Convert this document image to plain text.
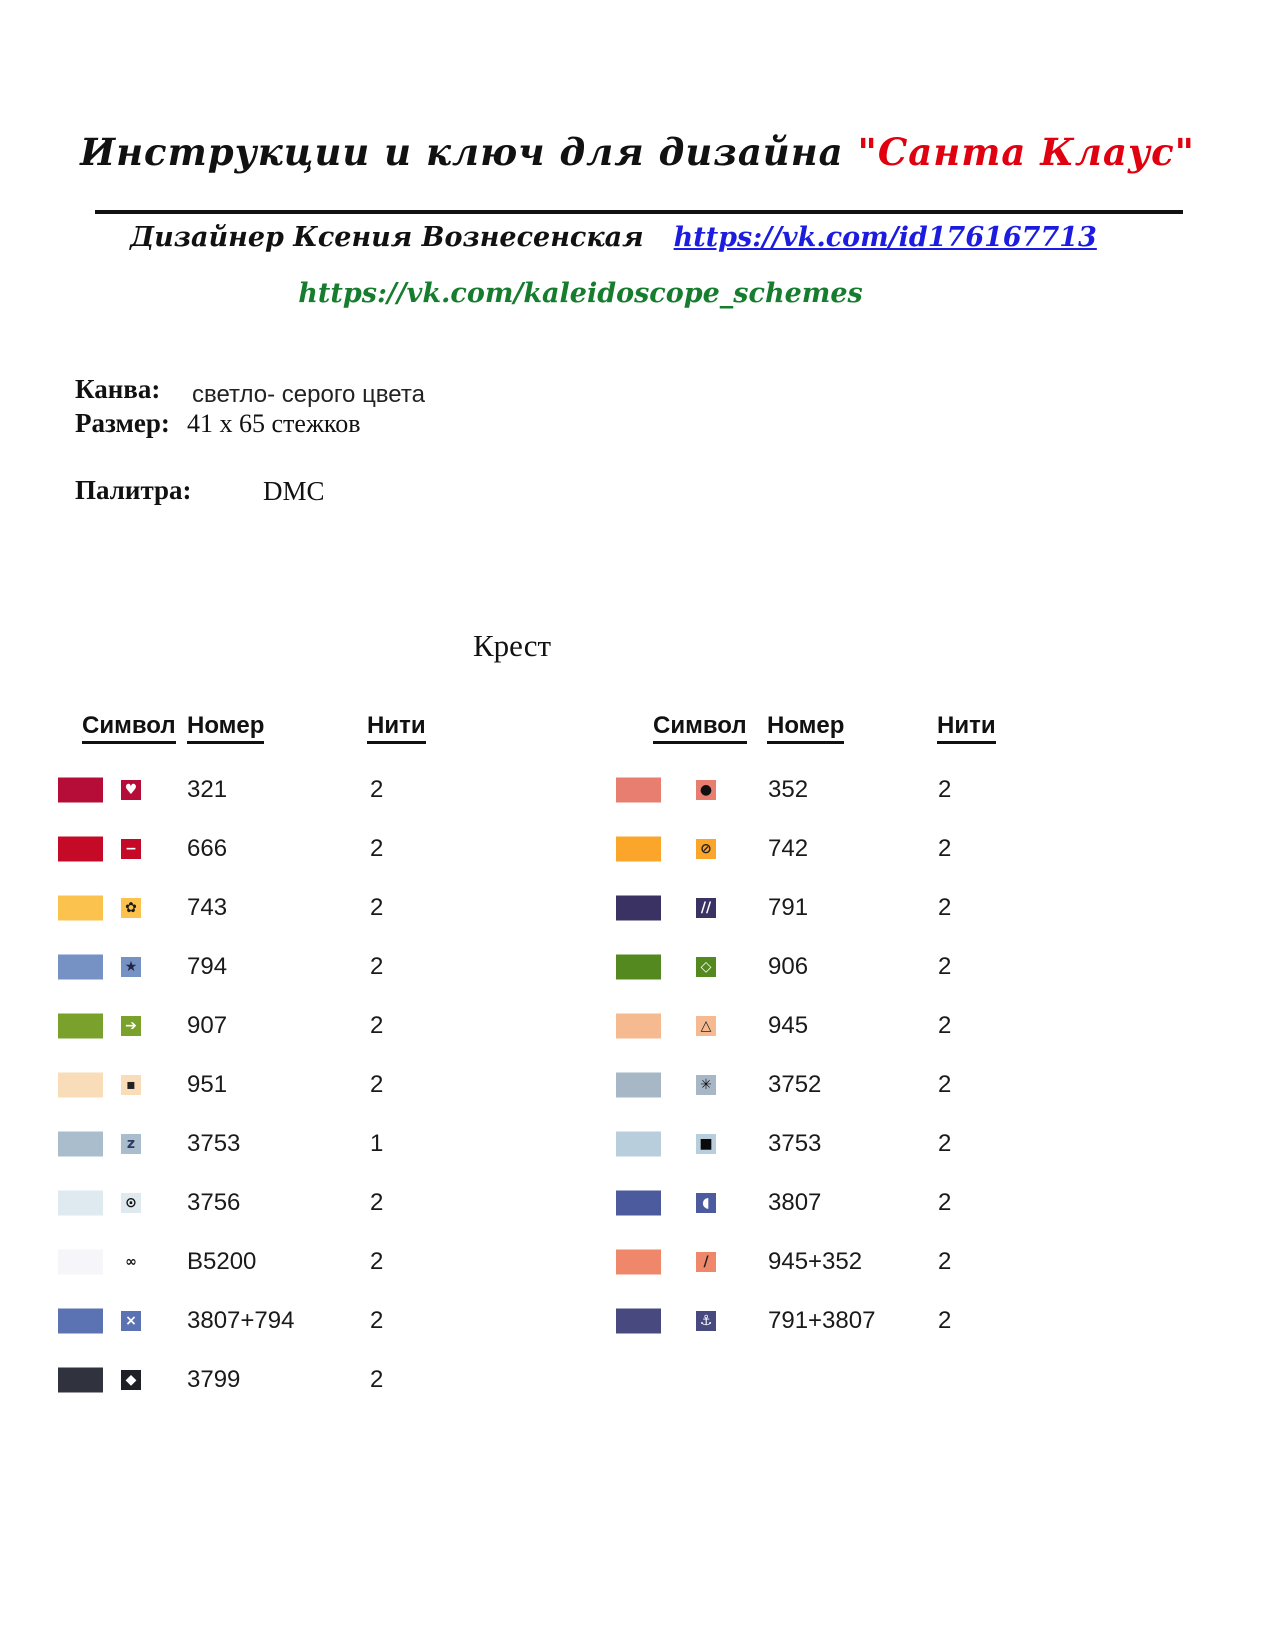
Инструкции и ключ для дизайна "Санта Клаус"
Дизайнер Ксения Вознесенская https://vk.com/id176167713
https://vk.com/kaleidoscope_schemes
Канва: светло- серого цвета
Размер: 41 x 65 стежков
Палитра:	DMC
Крест
Символ Номер	Нити
♥ 321	2
− 666	2
✿ 743	2
★ 794	2
➔ 907	2
▪ 951	2
z 3753	1
⊙ 3756	2
∞ B5200	2
× 3807+794	2
◆ 3799	2
Символ Номер	Нити
● 352	2
⊘ 742	2
// 791	2
◇ 906	2
△ 945	2
✳ 3752	2
■ 3753	2
◖ 3807	2
/ 945+352	2
⚓ 791+3807	2
